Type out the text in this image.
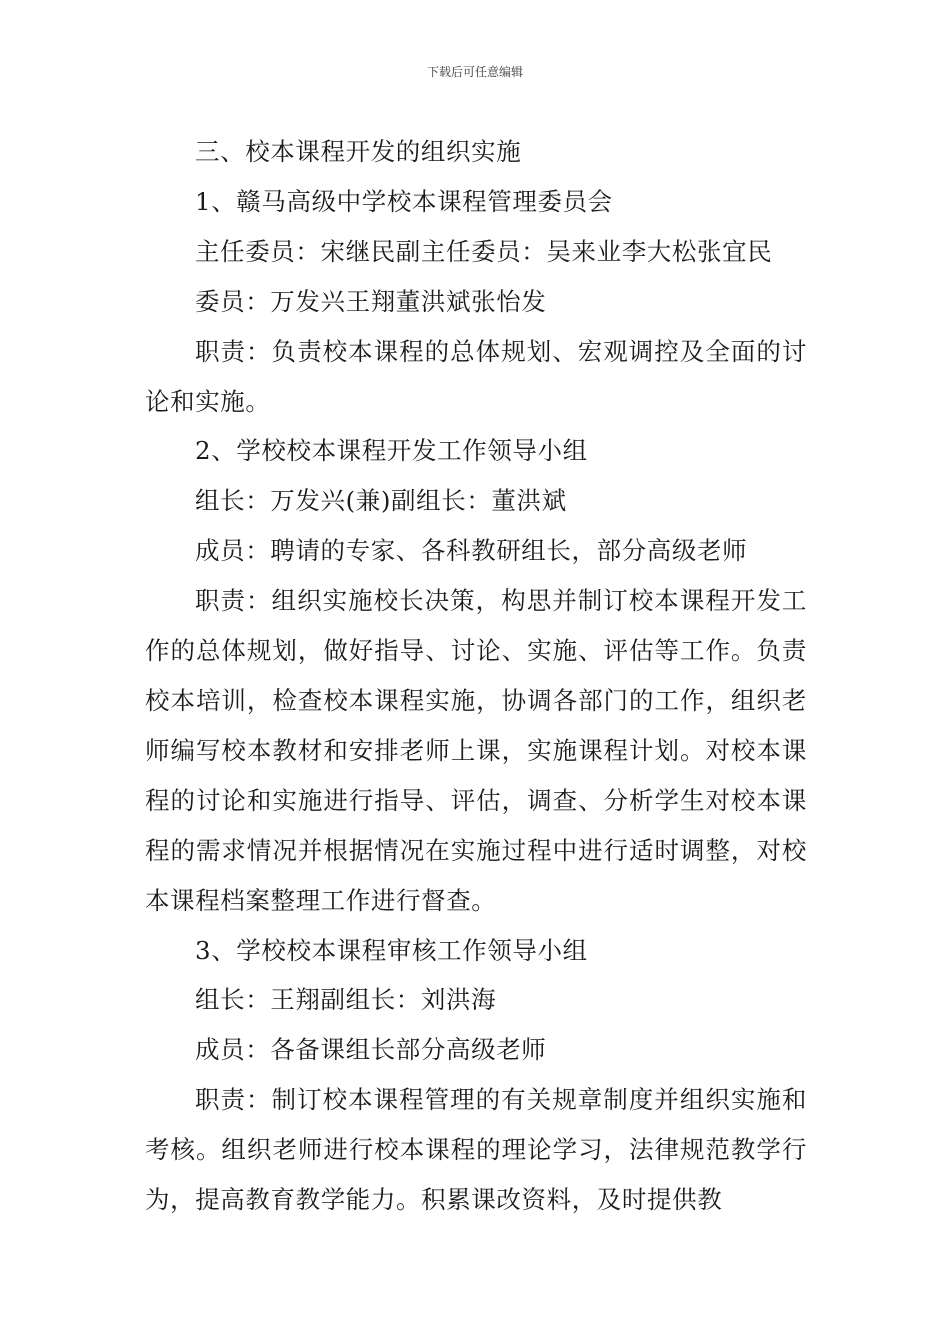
下载后可任意编辑

三、校本课程开发的组织实施

1、赣马高级中学校本课程管理委员会

主任委员：宋继民副主任委员：吴来业李大松张宜民

委员：万发兴王翔董洪斌张怡发

职责：负责校本课程的总体规划、宏观调控及全面的讨论和实施。

2、学校校本课程开发工作领导小组

组长：万发兴(兼)副组长：董洪斌

成员：聘请的专家、各科教研组长，部分高级老师

职责：组织实施校长决策，构思并制订校本课程开发工作的总体规划，做好指导、讨论、实施、评估等工作。负责校本培训，检查校本课程实施，协调各部门的工作，组织老师编写校本教材和安排老师上课，实施课程计划。对校本课程的讨论和实施进行指导、评估，调查、分析学生对校本课程的需求情况并根据情况在实施过程中进行适时调整，对校本课程档案整理工作进行督查。

3、学校校本课程审核工作领导小组

组长：王翔副组长：刘洪海

成员：各备课组长部分高级老师

职责：制订校本课程管理的有关规章制度并组织实施和考核。组织老师进行校本课程的理论学习，法律规范教学行为，提高教育教学能力。积累课改资料，及时提供教
